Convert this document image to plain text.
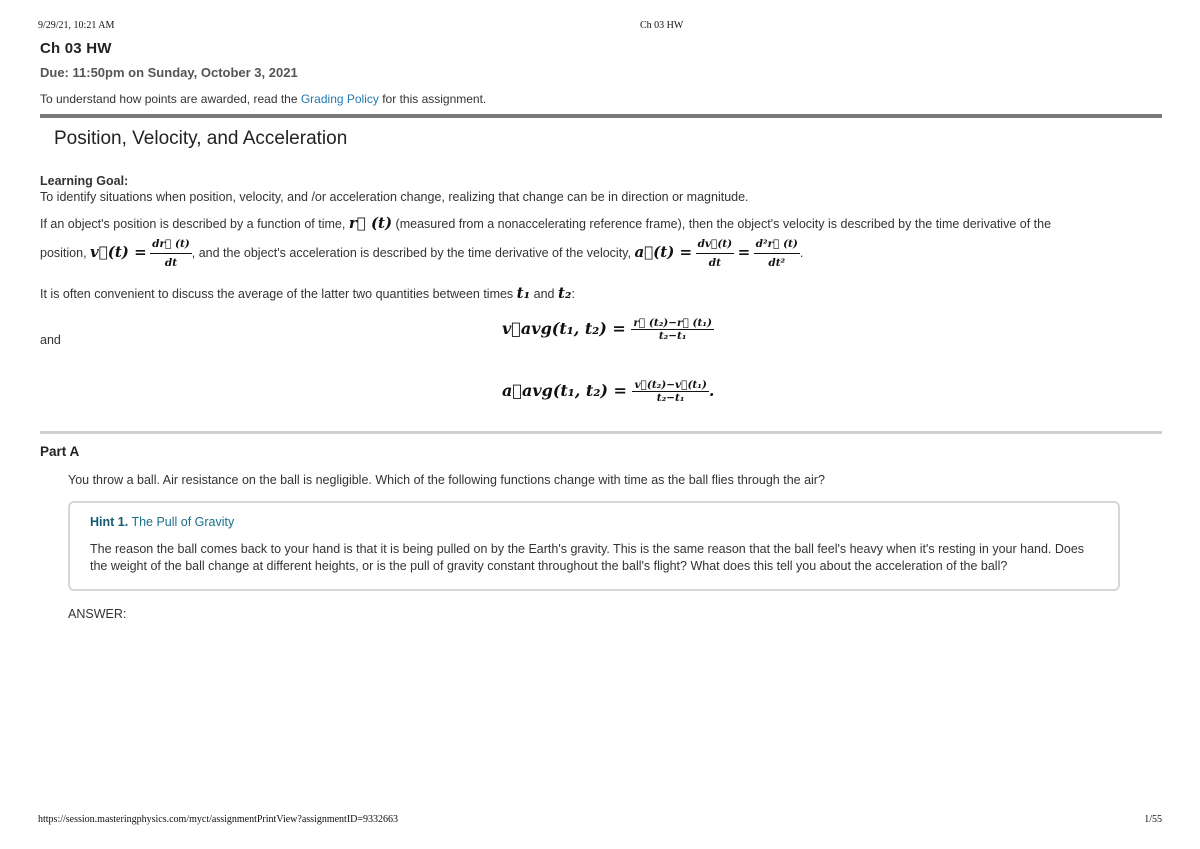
9/29/21, 10:21 AM	Ch 03 HW
Ch 03 HW
Due: 11:50pm on Sunday, October 3, 2021
To understand how points are awarded, read the Grading Policy for this assignment.
Position, Velocity, and Acceleration
Learning Goal:

To identify situations when position, velocity, and /or acceleration change, realizing that change can be in direction or magnitude.

If an object's position is described by a function of time, r⃗ (t) (measured from a nonaccelerating reference frame), then the object's velocity is described by the time derivative of the
position, v⃗(t) = $\frac{dr⃗ (t)}{dt}$ , and the object's acceleration is described by the time derivative of the velocity, a⃗(t) = $\frac{dv⃗(t)}{dt} = \frac{\text{d²r⃗ (t)}}{\text{dt²}}$ .

It is often convenient to discuss the average of the latter two quantities between times t₁ and t₂:

v⃗avg(t₁, $t_2) = \frac{\text{r⃗ (t₂)−r⃗ (t₁)}}{\text{t₂−t₁}}$
and
a⃗avg(t₁, $t_2) = \frac{\text{v⃗(t₂)−v⃗(t₁)}}{\text{t₂−t₁}}$ .
Part A
You throw a ball. Air resistance on the ball is negligible. Which of the following functions change with time as the ball flies through the air?
Hint 1. The Pull of Gravity
The reason the ball comes back to your hand is that it is being pulled on by the Earth's gravity. This is the same reason that the ball feel's heavy when it's resting in your hand. Does the weight of the ball change at different heights, or is the pull of gravity constant throughout the ball's flight? What does this tell you about the acceleration of the ball?
ANSWER:
https://session.masteringphysics.com/myct/assignmentPrintView?assignmentID=9332663	1/55
